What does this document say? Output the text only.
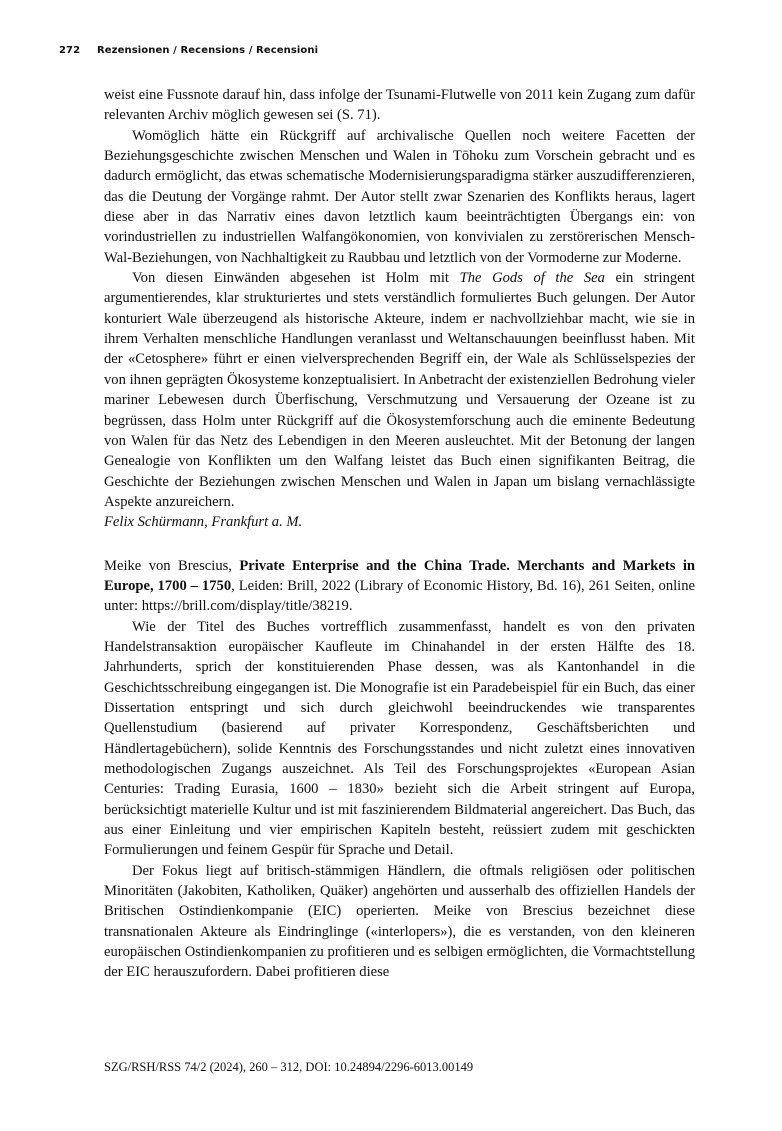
272 Rezensionen / Recensions / Recensioni

weist eine Fussnote darauf hin, dass infolge der Tsunami-Flutwelle von 2011 kein Zugang zum dafür relevanten Archiv möglich gewesen sei (S. 71).

Womöglich hätte ein Rückgriff auf archivalische Quellen noch weitere Facetten der Beziehungsgeschichte zwischen Menschen und Walen in Tōhoku zum Vorschein gebracht und es dadurch ermöglicht, das etwas schematische Modernisierungsparadigma stärker auszudifferenzieren, das die Deutung der Vorgänge rahmt. Der Autor stellt zwar Szenarien des Konflikts heraus, lagert diese aber in das Narrativ eines davon letztlich kaum beeinträchtigten Übergangs ein: von vorindustriellen zu industriellen Walfangökonomien, von konvivialen zu zerstörerischen Mensch-Wal-Beziehungen, von Nachhaltigkeit zu Raubbau und letztlich von der Vormoderne zur Moderne.

Von diesen Einwänden abgesehen ist Holm mit The Gods of the Sea ein stringent argumentierendes, klar strukturiertes und stets verständlich formuliertes Buch gelungen. Der Autor konturiert Wale überzeugend als historische Akteure, indem er nachvollziehbar macht, wie sie in ihrem Verhalten menschliche Handlungen veranlasst und Weltanschauungen beeinflusst haben. Mit der «Cetosphere» führt er einen vielversprechenden Begriff ein, der Wale als Schlüsselspezies der von ihnen geprägten Ökosysteme konzeptualisiert. In Anbetracht der existenziellen Bedrohung vieler mariner Lebewesen durch Überfischung, Verschmutzung und Versauerung der Ozeane ist zu begrüssen, dass Holm unter Rückgriff auf die Ökosystemforschung auch die eminente Bedeutung von Walen für das Netz des Lebendigen in den Meeren ausleuchtet. Mit der Betonung der langen Genealogie von Konflikten um den Walfang leistet das Buch einen signifikanten Beitrag, die Geschichte der Beziehungen zwischen Menschen und Walen in Japan um bislang vernachlässigte Aspekte anzureichern.

Felix Schürmann, Frankfurt a. M.

Meike von Brescius, Private Enterprise and the China Trade. Merchants and Markets in Europe, 1700 – 1750, Leiden: Brill, 2022 (Library of Economic History, Bd. 16), 261 Seiten, online unter: https://brill.com/display/title/38219.

Wie der Titel des Buches vortrefflich zusammenfasst, handelt es von den privaten Handelstransaktion europäischer Kaufleute im Chinahandel in der ersten Hälfte des 18. Jahrhunderts, sprich der konstituierenden Phase dessen, was als Kantonhandel in die Geschichtsschreibung eingegangen ist. Die Monografie ist ein Paradebeispiel für ein Buch, das einer Dissertation entspringt und sich durch gleichwohl beeindruckendes wie transparentes Quellenstudium (basierend auf privater Korrespondenz, Geschäftsberichten und Händlertagebüchern), solide Kenntnis des Forschungsstandes und nicht zuletzt eines innovativen methodologischen Zugangs auszeichnet. Als Teil des Forschungsprojektes «European Asian Centuries: Trading Eurasia, 1600 – 1830» bezieht sich die Arbeit stringent auf Europa, berücksichtigt materielle Kultur und ist mit faszinierendem Bildmaterial angereichert. Das Buch, das aus einer Einleitung und vier empirischen Kapiteln besteht, reüssiert zudem mit geschickten Formulierungen und feinem Gespür für Sprache und Detail.

Der Fokus liegt auf britisch-stämmigen Händlern, die oftmals religiösen oder politischen Minoritäten (Jakobiten, Katholiken, Quäker) angehörten und ausserhalb des offiziellen Handels der Britischen Ostindienkompanie (EIC) operierten. Meike von Brescius bezeichnet diese transnationalen Akteure als Eindringlinge («interlopers»), die es verstanden, von den kleineren europäischen Ostindienkompanien zu profitieren und es selbigen ermöglichten, die Vormachtstellung der EIC herauszufordern. Dabei profitieren diese

SZG/RSH/RSS 74/2 (2024), 260 – 312, DOI: 10.24894/2296-6013.00149
